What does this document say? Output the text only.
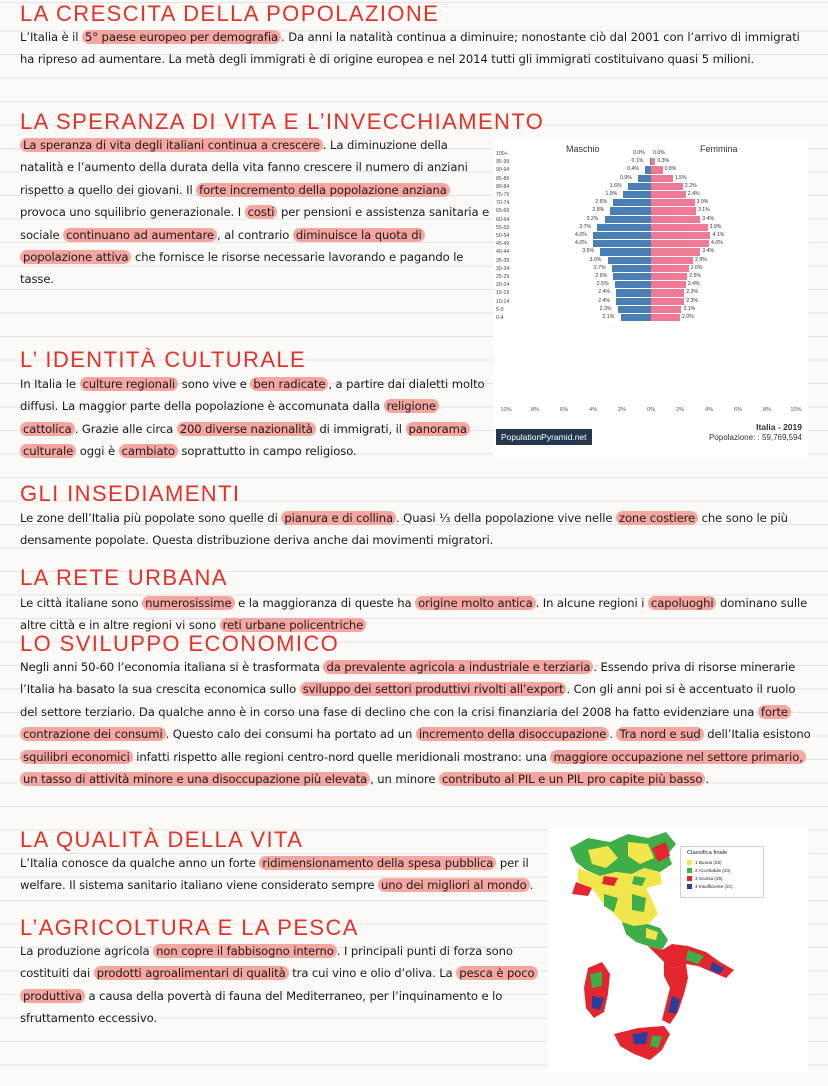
LA CRESCITA DELLA POPOLAZIONE

L’Italia è il 5° paese europeo per demografia . Da anni la natalità continua a diminuire; nonostante ciò dal 2001 con l’arrivo di immigrati ha ripreso ad aumentare. La metà degli immigrati è di origine europea e nel 2014 tutti gli immigrati costituivano quasi 5 milioni.

LA SPERANZA DI VITA E L’INVECCHIAMENTO

La speranza di vita degli italiani continua a crescere . La diminuzione della natalità e l’aumento della durata della vita fanno crescere il numero di anziani rispetto a quello dei giovani. Il forte incremento della popolazione anziana provoca uno squilibrio generazionale. I costi per pensioni e assistenza sanitaria e sociale continuano ad aumentare , al contrario diminuisce la quota di popolazione attiva che fornisce le risorse necessarie lavorando e pagando le tasse.

Maschio	Femmina
100+	0.0% 0.0%
95-99	0.1%	0.3%
90-94	0.4%	0.8%
85-89	0.9%	1.5%
80-84	1.6%	2.2%
75-79	1.9%	2.4%
70-74	2.6%	3.0%
65-69	2.8%	3.1%
60-64	3.2%	3.4%
55-59	3.7%	3.9%
50-54	4.0%	4.1%
45-49	4.0%	4.0%
40-44	3.5%	3.4%
35-39	3.0%	2.9%
30-34	2.7%	2.6%
25-29	2.6%	2.5%
20-24	2.5%	2.4%
15-19	2.4%	2.3%
10-14	2.4%	2.3%
5-9	2.3%	2.1%
0-4	2.1%	2.0%
10%	8%	6%	4%	2%	0%	2%	4%	6%	8%	10%
PopulationPyramid.net
Italia - 2019
Popolazione: : 59,769,594
L’ IDENTITÀ CULTURALE

In Italia le culture regionali sono vive e ben radicate , a partire dai dialetti molto diffusi. La maggior parte della popolazione è accomunata dalla religione cattolica . Grazie alle circa 200 diverse nazionalità di immigrati, il panorama culturale oggi è cambiato soprattutto in campo religioso.

GLI INSEDIAMENTI

Le zone dell’Italia più popolate sono quelle di pianura e di collina . Quasi ⅓ della popolazione vive nelle zone costiere che sono le più densamente popolate. Questa distribuzione deriva anche dai movimenti migratori.

LA RETE URBANA

Le città italiane sono numerosissime e la maggioranza di queste ha origine molto antica . In alcune regioni i capoluoghi dominano sulle altre città e in altre regioni vi sono reti urbane policentriche

LO SVILUPPO ECONOMICO

Negli anni 50-60 l’economia italiana si è trasformata da prevalente agricola a industriale e terziaria . Essendo priva di risorse minerarie l’Italia ha basato la sua crescita economica sullo sviluppo dei settori produttivi rivolti all’export . Con gli anni poi si è accentuato il ruolo del settore terziario. Da qualche anno è in corso una fase di declino che con la crisi finanziaria del 2008 ha fatto evidenziare una forte contrazione dei consumi . Questo calo dei consumi ha portato ad un incremento della disoccupazione . Tra nord e sud dell’Italia esistono squilibri economici infatti rispetto alle regioni centro-nord quelle meridionali mostrano: una maggiore occupazione nel settore primario, un tasso di attività minore e una disoccupazione più elevata , un minore contributo al PIL e un PIL pro capite più basso .

LA QUALITÀ DELLA VITA

L’Italia conosce da qualche anno un forte ridimensionamento della spesa pubblica per il welfare. Il sistema sanitario italiano viene considerato sempre uno dei migliori al mondo .

L’AGRICOLTURA E LA PESCA

La produzione agricola non copre il fabbisogno interno . I principali punti di forza sono costituiti dai prodotti agroalimentari di qualità tra cui vino e olio d’oliva. La pesca è poco produttiva a causa della povertà di fauna del Mediterraneo, per l’inquinamento e lo sfruttamento eccessivo.

Classifica finale
1 Buona (25)
2 Accettabile (34)
3 Scarsa (26)
4 Insufficiente (21)
